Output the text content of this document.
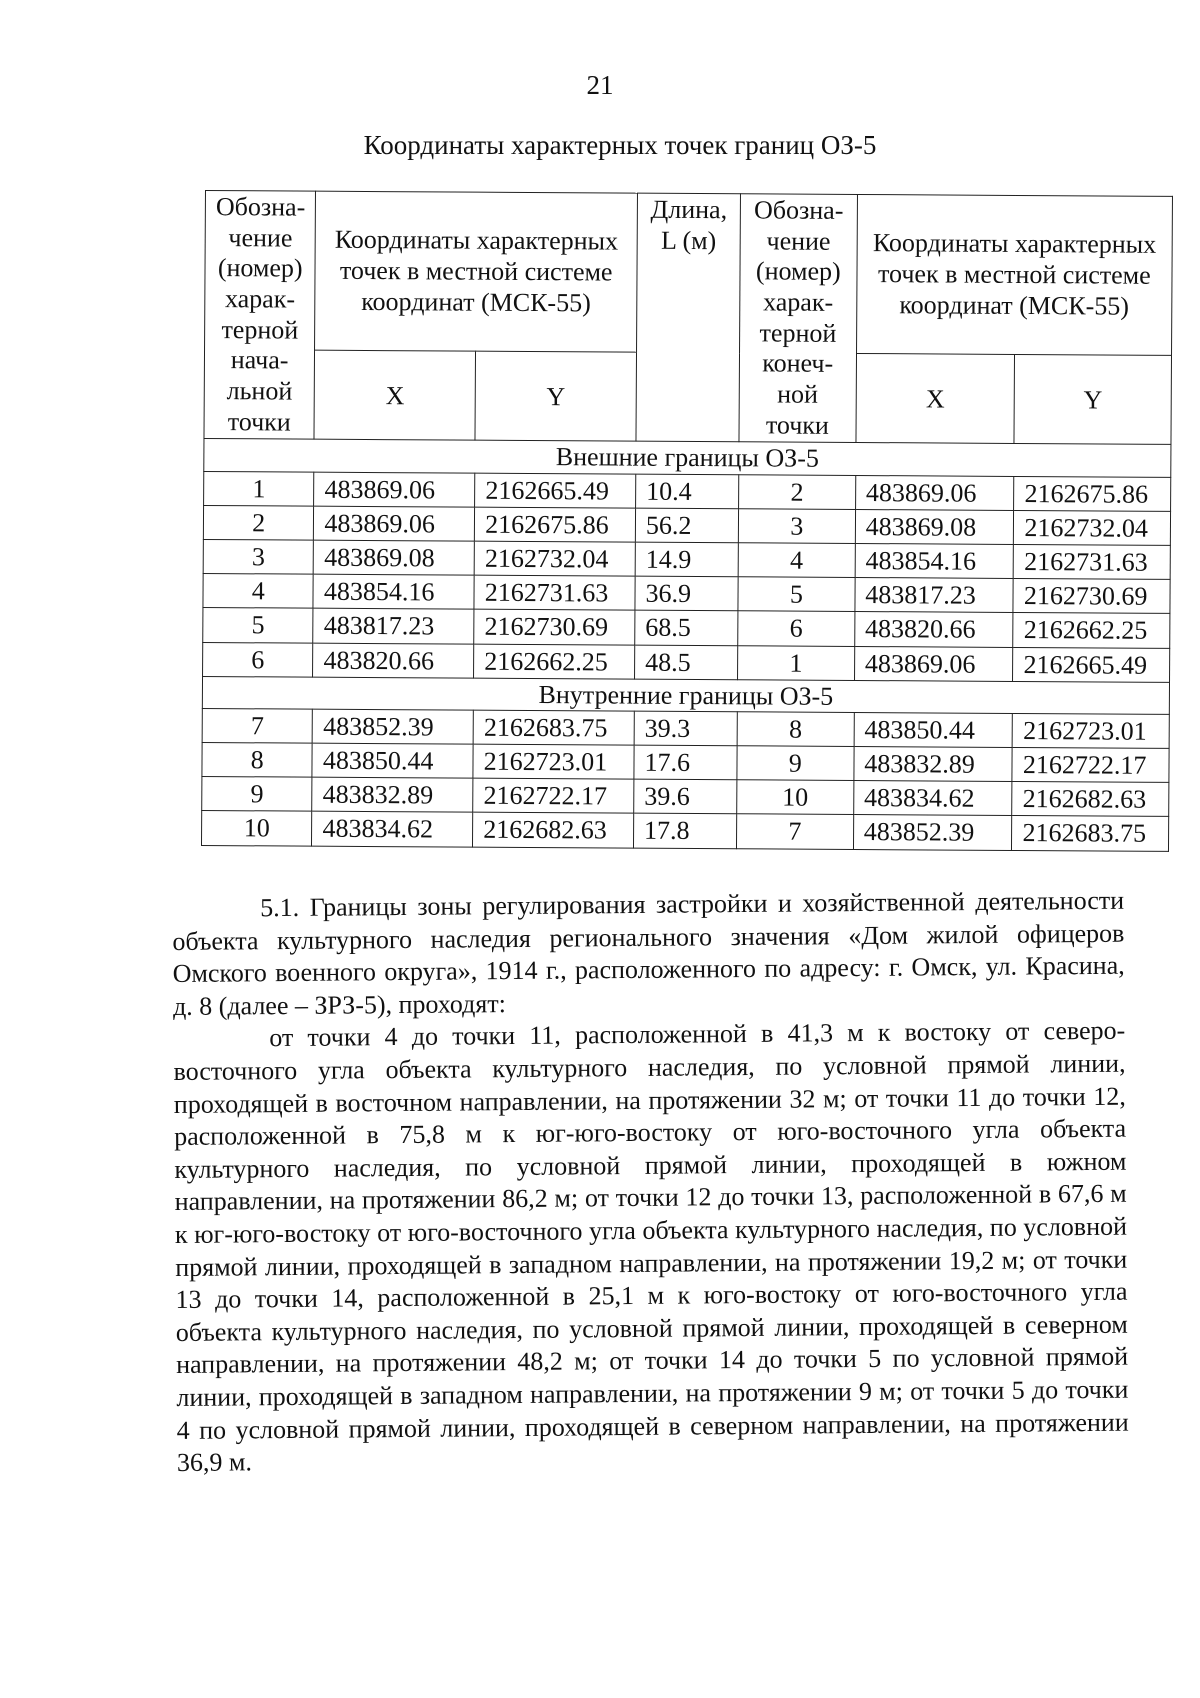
21
Координаты характерных точек границ ОЗ-5
Обозна-чение (номер) харак-терной нача-льной точки	Координаты характерных точек в местной системе координат (МСК-55)		Длина, L (м)	Обозна-чение (номер) харак-терной конеч-ной точки	Координаты характерных точек в местной системе координат (МСК-55)	
	X	Y			X	Y
Внешние границы ОЗ-5						
1	483869.06	2162665.49	10.4	2	483869.06	2162675.86
2	483869.06	2162675.86	56.2	3	483869.08	2162732.04
3	483869.08	2162732.04	14.9	4	483854.16	2162731.63
4	483854.16	2162731.63	36.9	5	483817.23	2162730.69
5	483817.23	2162730.69	68.5	6	483820.66	2162662.25
6	483820.66	2162662.25	48.5	1	483869.06	2162665.49
Внутренние границы ОЗ-5						
7	483852.39	2162683.75	39.3	8	483850.44	2162723.01
8	483850.44	2162723.01	17.6	9	483832.89	2162722.17
9	483832.89	2162722.17	39.6	10	483834.62	2162682.63
10	483834.62	2162682.63	17.8	7	483852.39	2162683.75

5.1. Границы зоны регулирования застройки и хозяйственной деятельности объекта культурного наследия регионального значения «Дом жилой офицеров Омского военного округа», 1914 г., расположенного по адресу: г. Омск, ул. Красина, д. 8 (далее – ЗРЗ-5), проходят:

от точки 4 до точки 11, расположенной в 41,3 м к востоку от северо-восточного угла объекта культурного наследия, по условной прямой линии, проходящей в восточном направлении, на протяжении 32 м; от точки 11 до точки 12, расположенной в 75,8 м к юг-юго-востоку от юго-восточного угла объекта культурного наследия, по условной прямой линии, проходящей в южном направлении, на протяжении 86,2 м; от точки 12 до точки 13, расположенной в 67,6 м к юг-юго-востоку от юго-восточного угла объекта культурного наследия, по условной прямой линии, проходящей в западном направлении, на протяжении 19,2 м; от точки 13 до точки 14, расположенной в 25,1 м к юго-востоку от юго-восточного угла объекта культурного наследия, по условной прямой линии, проходящей в северном направлении, на протяжении 48,2 м; от точки 14 до точки 5 по условной прямой линии, проходящей в западном направлении, на протяжении 9 м; от точки 5 до точки 4 по условной прямой линии, проходящей в северном направлении, на протяжении 36,9 м.
